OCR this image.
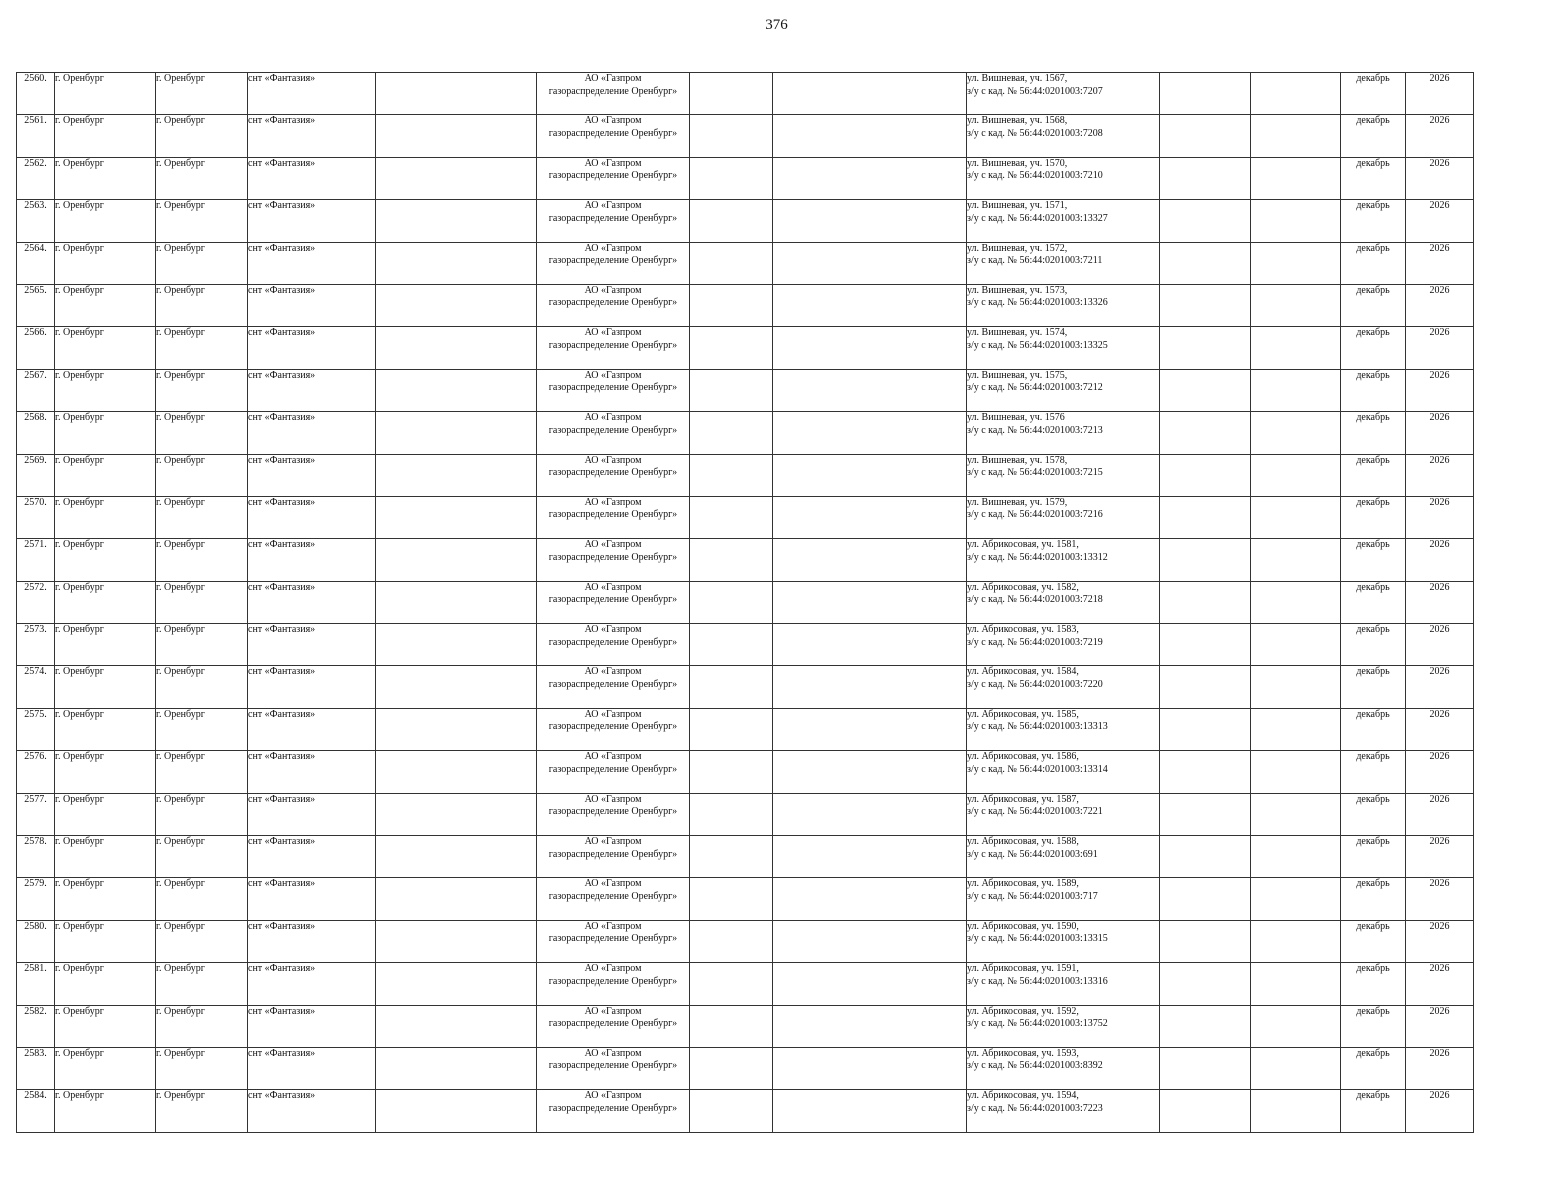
376
2560.	г. Оренбург	г. Оренбург	снт «Фантазия»		АО «Газпром
газораспределение Оренбург»			ул. Вишневая, уч. 1567,
з/у с кад. № 56:44:0201003:7207			декабрь	2026
2561.	г. Оренбург	г. Оренбург	снт «Фантазия»		АО «Газпром
газораспределение Оренбург»			ул. Вишневая, уч. 1568,
з/у с кад. № 56:44:0201003:7208			декабрь	2026
2562.	г. Оренбург	г. Оренбург	снт «Фантазия»		АО «Газпром
газораспределение Оренбург»			ул. Вишневая, уч. 1570,
з/у с кад. № 56:44:0201003:7210			декабрь	2026
2563.	г. Оренбург	г. Оренбург	снт «Фантазия»		АО «Газпром
газораспределение Оренбург»			ул. Вишневая, уч. 1571,
з/у с кад. № 56:44:0201003:13327			декабрь	2026
2564.	г. Оренбург	г. Оренбург	снт «Фантазия»		АО «Газпром
газораспределение Оренбург»			ул. Вишневая, уч. 1572,
з/у с кад. № 56:44:0201003:7211			декабрь	2026
2565.	г. Оренбург	г. Оренбург	снт «Фантазия»		АО «Газпром
газораспределение Оренбург»			ул. Вишневая, уч. 1573,
з/у с кад. № 56:44:0201003:13326			декабрь	2026
2566.	г. Оренбург	г. Оренбург	снт «Фантазия»		АО «Газпром
газораспределение Оренбург»			ул. Вишневая, уч. 1574,
з/у с кад. № 56:44:0201003:13325			декабрь	2026
2567.	г. Оренбург	г. Оренбург	снт «Фантазия»		АО «Газпром
газораспределение Оренбург»			ул. Вишневая, уч. 1575,
з/у с кад. № 56:44:0201003:7212			декабрь	2026
2568.	г. Оренбург	г. Оренбург	снт «Фантазия»		АО «Газпром
газораспределение Оренбург»			ул. Вишневая, уч. 1576
з/у с кад. № 56:44:0201003:7213			декабрь	2026
2569.	г. Оренбург	г. Оренбург	снт «Фантазия»		АО «Газпром
газораспределение Оренбург»			ул. Вишневая, уч. 1578,
з/у с кад. № 56:44:0201003:7215			декабрь	2026
2570.	г. Оренбург	г. Оренбург	снт «Фантазия»		АО «Газпром
газораспределение Оренбург»			ул. Вишневая, уч. 1579,
з/у с кад. № 56:44:0201003:7216			декабрь	2026
2571.	г. Оренбург	г. Оренбург	снт «Фантазия»		АО «Газпром
газораспределение Оренбург»			ул. Абрикосовая, уч. 1581,
з/у с кад. № 56:44:0201003:13312			декабрь	2026
2572.	г. Оренбург	г. Оренбург	снт «Фантазия»		АО «Газпром
газораспределение Оренбург»			ул. Абрикосовая, уч. 1582,
з/у с кад. № 56:44:0201003:7218			декабрь	2026
2573.	г. Оренбург	г. Оренбург	снт «Фантазия»		АО «Газпром
газораспределение Оренбург»			ул. Абрикосовая, уч. 1583,
з/у с кад. № 56:44:0201003:7219			декабрь	2026
2574.	г. Оренбург	г. Оренбург	снт «Фантазия»		АО «Газпром
газораспределение Оренбург»			ул. Абрикосовая, уч. 1584,
з/у с кад. № 56:44:0201003:7220			декабрь	2026
2575.	г. Оренбург	г. Оренбург	снт «Фантазия»		АО «Газпром
газораспределение Оренбург»			ул. Абрикосовая, уч. 1585,
з/у с кад. № 56:44:0201003:13313			декабрь	2026
2576.	г. Оренбург	г. Оренбург	снт «Фантазия»		АО «Газпром
газораспределение Оренбург»			ул. Абрикосовая, уч. 1586,
з/у с кад. № 56:44:0201003:13314			декабрь	2026
2577.	г. Оренбург	г. Оренбург	снт «Фантазия»		АО «Газпром
газораспределение Оренбург»			ул. Абрикосовая, уч. 1587,
з/у с кад. № 56:44:0201003:7221			декабрь	2026
2578.	г. Оренбург	г. Оренбург	снт «Фантазия»		АО «Газпром
газораспределение Оренбург»			ул. Абрикосовая, уч. 1588,
з/у с кад. № 56:44:0201003:691			декабрь	2026
2579.	г. Оренбург	г. Оренбург	снт «Фантазия»		АО «Газпром
газораспределение Оренбург»			ул. Абрикосовая, уч. 1589,
з/у с кад. № 56:44:0201003:717			декабрь	2026
2580.	г. Оренбург	г. Оренбург	снт «Фантазия»		АО «Газпром
газораспределение Оренбург»			ул. Абрикосовая, уч. 1590,
з/у с кад. № 56:44:0201003:13315			декабрь	2026
2581.	г. Оренбург	г. Оренбург	снт «Фантазия»		АО «Газпром
газораспределение Оренбург»			ул. Абрикосовая, уч. 1591,
з/у с кад. № 56:44:0201003:13316			декабрь	2026
2582.	г. Оренбург	г. Оренбург	снт «Фантазия»		АО «Газпром
газораспределение Оренбург»			ул. Абрикосовая, уч. 1592,
з/у с кад. № 56:44:0201003:13752			декабрь	2026
2583.	г. Оренбург	г. Оренбург	снт «Фантазия»		АО «Газпром
газораспределение Оренбург»			ул. Абрикосовая, уч. 1593,
з/у с кад. № 56:44:0201003:8392			декабрь	2026
2584.	г. Оренбург	г. Оренбург	снт «Фантазия»		АО «Газпром
газораспределение Оренбург»			ул. Абрикосовая, уч. 1594,
з/у с кад. № 56:44:0201003:7223			декабрь	2026
